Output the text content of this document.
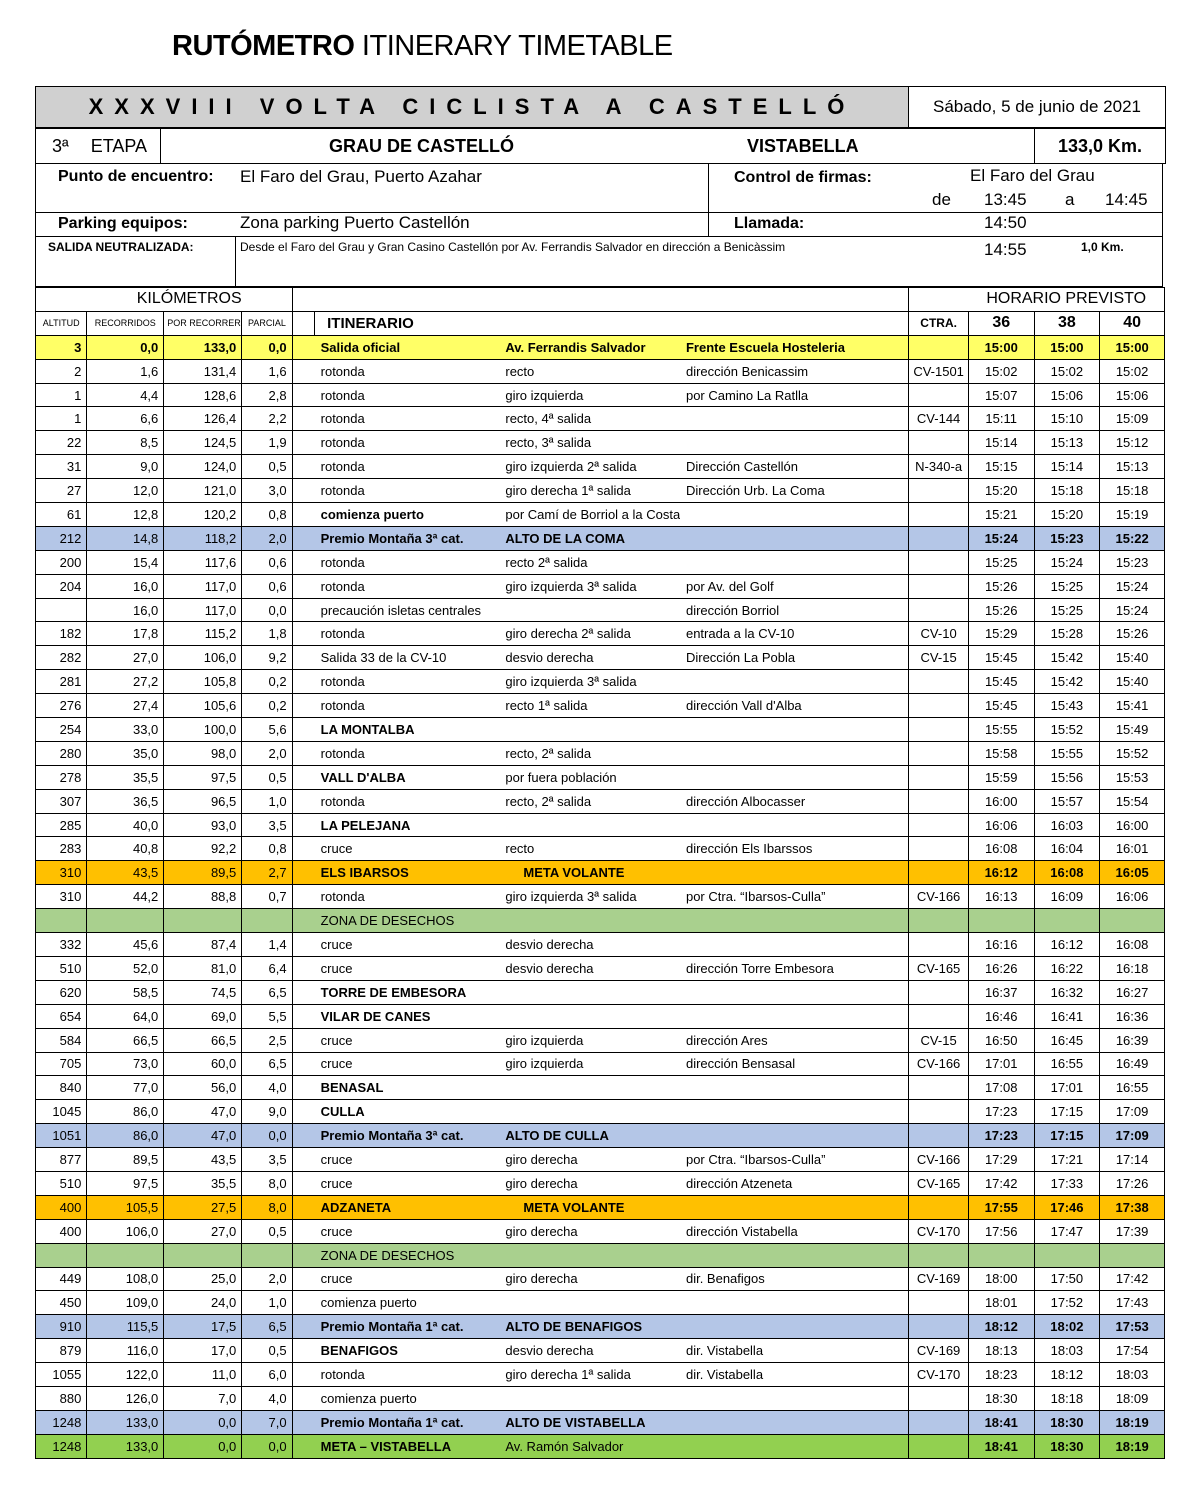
RUTÓMETRO ITINERARY TIMETABLE
XXXVIII VOLTA CICLISTA A CASTELLÓ	Sábado, 5 de junio de 2021
3ª ETAPA	GRAU DE CASTELLÓ	VISTABELLA	133,0 Km.
Punto de encuentro: El Faro del Grau, Puerto Azahar	Control de firmas:	El Faro del Grau
de 13:45 a 14:45
Parking equipos:	Zona parking Puerto Castellón	Llamada:	14:50
SALIDA NEUTRALIZADA:	Desde el Faro del Grau y Gran Casino Castellón por Av. Ferrandis Salvador en dirección a Benicàssim	14:55	1,0 Km.
	KILÓMETROS									HORARIO PREVISTO		
ALTITUD	RECORRIDOS	POR RECORRER	PARCIAL		ITINERARIO				CTRA.	36	38	40
3	0,0	133,0	0,0		Salida oficial	Av. Ferrandis Salvador	Frente Escuela Hosteleria			15:00	15:00	15:00
2	1,6	131,4	1,6		rotonda	recto	dirección Benicassim		CV-1501	15:02	15:02	15:02
1	4,4	128,6	2,8		rotonda	giro izquierda	por Camino La Ratlla			15:07	15:06	15:06
1	6,6	126,4	2,2		rotonda	recto, 4ª salida			CV-144	15:11	15:10	15:09
22	8,5	124,5	1,9		rotonda	recto, 3ª salida				15:14	15:13	15:12
31	9,0	124,0	0,5		rotonda	giro izquierda 2ª salida	Dirección Castellón		N-340-a	15:15	15:14	15:13
27	12,0	121,0	3,0		rotonda	giro derecha 1ª salida	Dirección Urb. La Coma			15:20	15:18	15:18
61	12,8	120,2	0,8		comienza puerto	por Camí de Borriol a la Costa				15:21	15:20	15:19
212	14,8	118,2	2,0		Premio Montaña 3ª cat.	ALTO DE LA COMA				15:24	15:23	15:22
200	15,4	117,6	0,6		rotonda	recto 2ª salida				15:25	15:24	15:23
204	16,0	117,0	0,6		rotonda	giro izquierda 3ª salida	por Av. del Golf			15:26	15:25	15:24
	16,0	117,0	0,0		precaución isletas centrales		dirección Borriol			15:26	15:25	15:24
182	17,8	115,2	1,8		rotonda	giro derecha 2ª salida	entrada a la CV-10		CV-10	15:29	15:28	15:26
282	27,0	106,0	9,2		Salida 33 de la CV-10	desvio derecha	Dirección La Pobla		CV-15	15:45	15:42	15:40
281	27,2	105,8	0,2		rotonda	giro izquierda 3ª salida				15:45	15:42	15:40
276	27,4	105,6	0,2		rotonda	recto 1ª salida	dirección Vall d'Alba			15:45	15:43	15:41
254	33,0	100,0	5,6		LA MONTALBA					15:55	15:52	15:49
280	35,0	98,0	2,0		rotonda	recto, 2ª salida				15:58	15:55	15:52
278	35,5	97,5	0,5		VALL D'ALBA	por fuera población				15:59	15:56	15:53
307	36,5	96,5	1,0		rotonda	recto, 2ª salida	dirección Albocasser			16:00	15:57	15:54
285	40,0	93,0	3,5		LA PELEJANA					16:06	16:03	16:00
283	40,8	92,2	0,8		cruce	recto	dirección Els Ibarssos			16:08	16:04	16:01
310	43,5	89,5	2,7		ELS IBARSOS	META VOLANTE				16:12	16:08	16:05
310	44,2	88,8	0,7		rotonda	giro izquierda 3ª salida	por Ctra. “Ibarsos-Culla”		CV-166	16:13	16:09	16:06
					ZONA DE DESECHOS							
332	45,6	87,4	1,4		cruce	desvio derecha				16:16	16:12	16:08
510	52,0	81,0	6,4		cruce	desvio derecha	dirección Torre Embesora		CV-165	16:26	16:22	16:18
620	58,5	74,5	6,5		TORRE DE EMBESORA					16:37	16:32	16:27
654	64,0	69,0	5,5		VILAR DE CANES					16:46	16:41	16:36
584	66,5	66,5	2,5		cruce	giro izquierda	dirección Ares		CV-15	16:50	16:45	16:39
705	73,0	60,0	6,5		cruce	giro izquierda	dirección Bensasal		CV-166	17:01	16:55	16:49
840	77,0	56,0	4,0		BENASAL					17:08	17:01	16:55
1045	86,0	47,0	9,0		CULLA					17:23	17:15	17:09
1051	86,0	47,0	0,0		Premio Montaña 3ª cat.	ALTO DE CULLA				17:23	17:15	17:09
877	89,5	43,5	3,5		cruce	giro derecha	por Ctra. “Ibarsos-Culla”		CV-166	17:29	17:21	17:14
510	97,5	35,5	8,0		cruce	giro derecha	dirección Atzeneta		CV-165	17:42	17:33	17:26
400	105,5	27,5	8,0		ADZANETA	META VOLANTE				17:55	17:46	17:38
400	106,0	27,0	0,5		cruce	giro derecha	dirección Vistabella		CV-170	17:56	17:47	17:39
					ZONA DE DESECHOS							
449	108,0	25,0	2,0		cruce	giro derecha	dir. Benafigos		CV-169	18:00	17:50	17:42
450	109,0	24,0	1,0		comienza puerto					18:01	17:52	17:43
910	115,5	17,5	6,5		Premio Montaña 1ª cat.	ALTO DE BENAFIGOS				18:12	18:02	17:53
879	116,0	17,0	0,5		BENAFIGOS	desvio derecha	dir. Vistabella		CV-169	18:13	18:03	17:54
1055	122,0	11,0	6,0		rotonda	giro derecha 1ª salida	dir. Vistabella		CV-170	18:23	18:12	18:03
880	126,0	7,0	4,0		comienza puerto					18:30	18:18	18:09
1248	133,0	0,0	7,0		Premio Montaña 1ª cat.	ALTO DE VISTABELLA				18:41	18:30	18:19
1248	133,0	0,0	0,0		META – VISTABELLA	Av. Ramón Salvador				18:41	18:30	18:19
